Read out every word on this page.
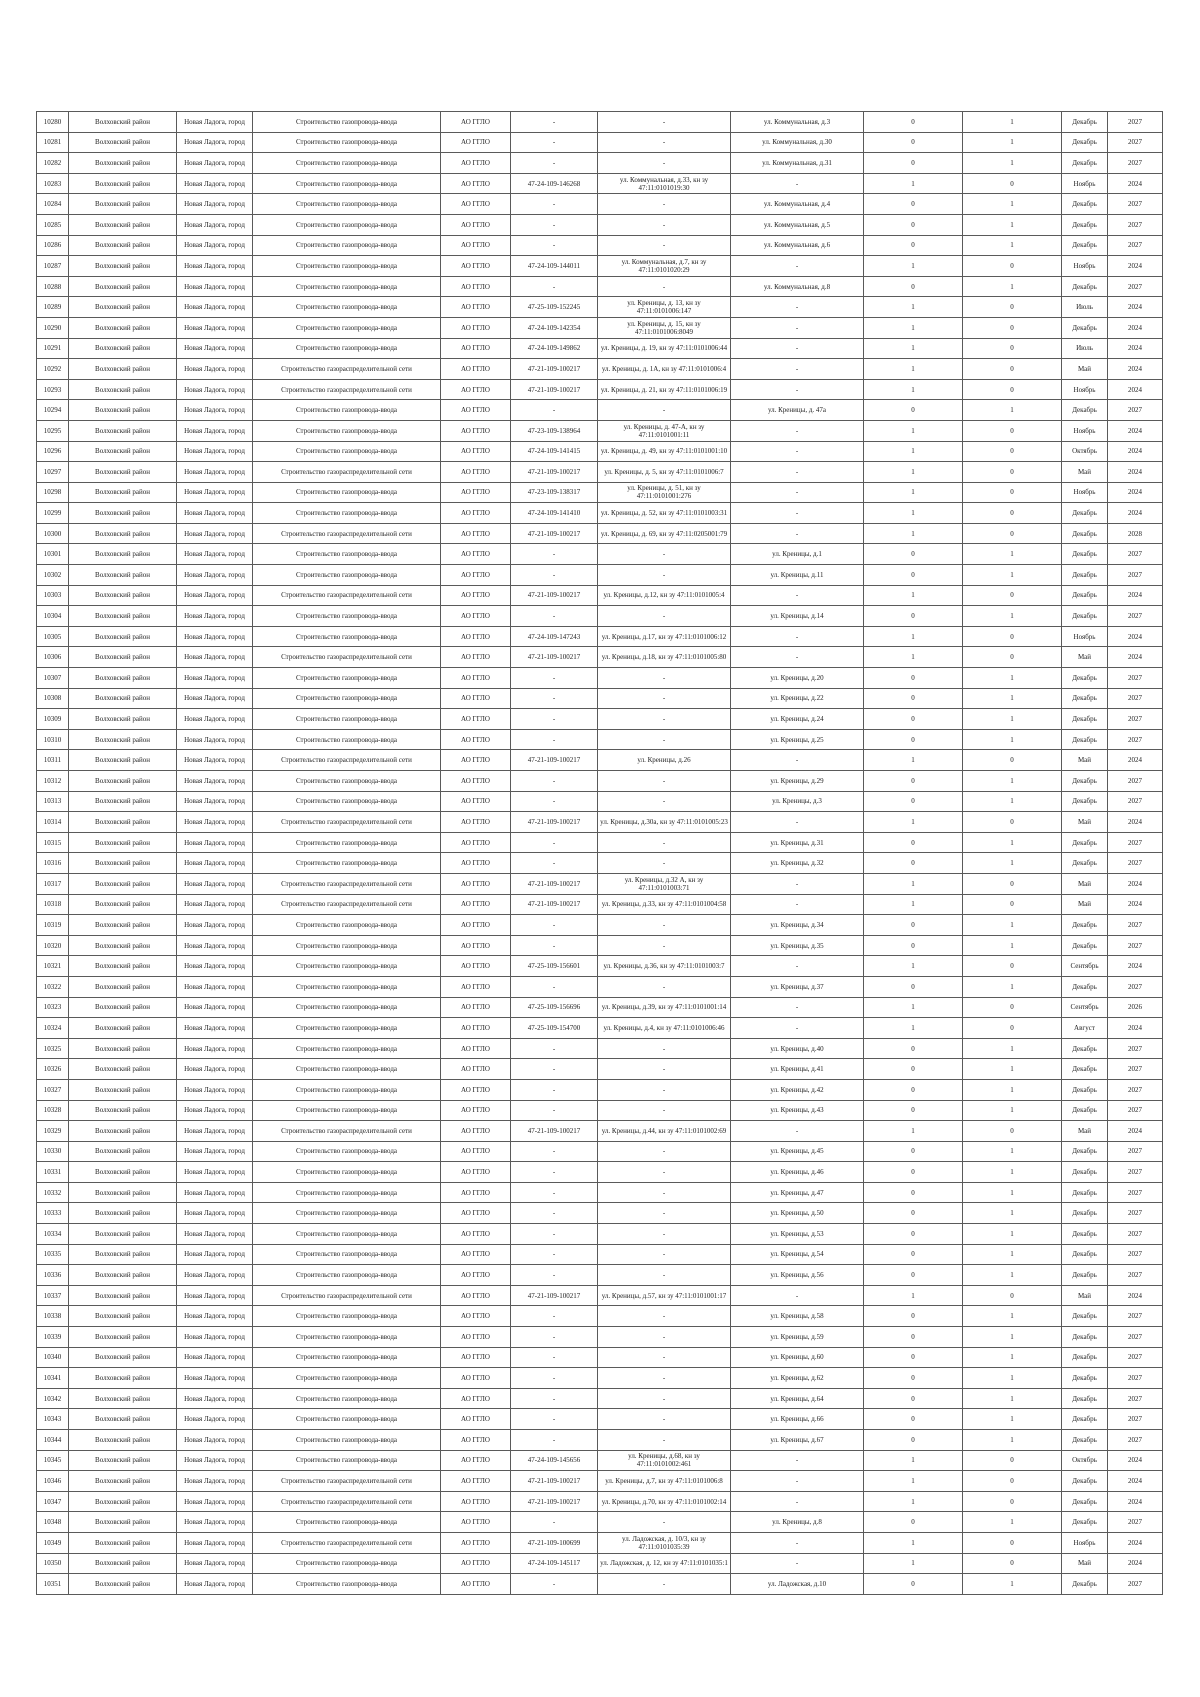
10280	Волховский район	Новая Ладога, город	Строительство газопровода-ввода	АО ГГЛО	-	-	ул. Коммунальная, д.3	0	1	Декабрь	2027
10281	Волховский район	Новая Ладога, город	Строительство газопровода-ввода	АО ГГЛО	-	-	ул. Коммунальная, д.30	0	1	Декабрь	2027
10282	Волховский район	Новая Ладога, город	Строительство газопровода-ввода	АО ГГЛО	-	-	ул. Коммунальная, д.31	0	1	Декабрь	2027
10283	Волховский район	Новая Ладога, город	Строительство газопровода-ввода	АО ГГЛО	47-24-109-146268	ул. Коммунальная, д.33, кн зу 47:11:0101019:30	-	1	0	Ноябрь	2024
10284	Волховский район	Новая Ладога, город	Строительство газопровода-ввода	АО ГГЛО	-	-	ул. Коммунальная, д.4	0	1	Декабрь	2027
10285	Волховский район	Новая Ладога, город	Строительство газопровода-ввода	АО ГГЛО	-	-	ул. Коммунальная, д.5	0	1	Декабрь	2027
10286	Волховский район	Новая Ладога, город	Строительство газопровода-ввода	АО ГГЛО	-	-	ул. Коммунальная, д.6	0	1	Декабрь	2027
10287	Волховский район	Новая Ладога, город	Строительство газопровода-ввода	АО ГГЛО	47-24-109-144011	ул. Коммунальная, д.7, кн зу 47:11:0101020:29	-	1	0	Ноябрь	2024
10288	Волховский район	Новая Ладога, город	Строительство газопровода-ввода	АО ГГЛО	-	-	ул. Коммунальная, д.8	0	1	Декабрь	2027
10289	Волховский район	Новая Ладога, город	Строительство газопровода-ввода	АО ГГЛО	47-25-109-152245	ул. Креницы, д. 13, кн зу 47:11:0101006:147	-	1	0	Июль	2024
10290	Волховский район	Новая Ладога, город	Строительство газопровода-ввода	АО ГГЛО	47-24-109-142354	ул. Креницы, д. 15, кн зу 47:11:0101006:8049	-	1	0	Декабрь	2024
10291	Волховский район	Новая Ладога, город	Строительство газопровода-ввода	АО ГГЛО	47-24-109-149862	ул. Креницы, д. 19, кн зу 47:11:0101006:44	-	1	0	Июль	2024
10292	Волховский район	Новая Ладога, город	Строительство газораспределительной сети	АО ГГЛО	47-21-109-100217	ул. Креницы, д. 1А, кн зу 47:11:0101006:4	-	1	0	Май	2024
10293	Волховский район	Новая Ладога, город	Строительство газораспределительной сети	АО ГГЛО	47-21-109-100217	ул. Креницы, д. 21, кн зу 47:11:0101006:19	-	1	0	Ноябрь	2024
10294	Волховский район	Новая Ладога, город	Строительство газопровода-ввода	АО ГГЛО	-	-	ул. Креницы, д. 47а	0	1	Декабрь	2027
10295	Волховский район	Новая Ладога, город	Строительство газопровода-ввода	АО ГГЛО	47-23-109-138964	ул. Креницы, д. 47-А, кн зу 47:11:0101001:11	-	1	0	Ноябрь	2024
10296	Волховский район	Новая Ладога, город	Строительство газопровода-ввода	АО ГГЛО	47-24-109-141415	ул. Креницы, д. 49, кн зу 47:11:0101001:10	-	1	0	Октябрь	2024
10297	Волховский район	Новая Ладога, город	Строительство газораспределительной сети	АО ГГЛО	47-21-109-100217	ул. Креницы, д. 5, кн зу 47:11:0101006:7	-	1	0	Май	2024
10298	Волховский район	Новая Ладога, город	Строительство газопровода-ввода	АО ГГЛО	47-23-109-138317	ул. Креницы, д. 51, кн зу 47:11:0101001:276	-	1	0	Ноябрь	2024
10299	Волховский район	Новая Ладога, город	Строительство газопровода-ввода	АО ГГЛО	47-24-109-141410	ул. Креницы, д. 52, кн зу 47:11:0101003:31	-	1	0	Декабрь	2024
10300	Волховский район	Новая Ладога, город	Строительство газораспределительной сети	АО ГГЛО	47-21-109-100217	ул. Креницы, д. 69, кн зу 47:11:0205001:79	-	1	0	Декабрь	2028
10301	Волховский район	Новая Ладога, город	Строительство газопровода-ввода	АО ГГЛО	-	-	ул. Креницы, д.1	0	1	Декабрь	2027
10302	Волховский район	Новая Ладога, город	Строительство газопровода-ввода	АО ГГЛО	-	-	ул. Креницы, д.11	0	1	Декабрь	2027
10303	Волховский район	Новая Ладога, город	Строительство газораспределительной сети	АО ГГЛО	47-21-109-100217	ул. Креницы, д.12, кн зу 47:11:0101005:4	-	1	0	Декабрь	2024
10304	Волховский район	Новая Ладога, город	Строительство газопровода-ввода	АО ГГЛО	-	-	ул. Креницы, д.14	0	1	Декабрь	2027
10305	Волховский район	Новая Ладога, город	Строительство газопровода-ввода	АО ГГЛО	47-24-109-147243	ул. Креницы, д.17, кн зу 47:11:0101006:12	-	1	0	Ноябрь	2024
10306	Волховский район	Новая Ладога, город	Строительство газораспределительной сети	АО ГГЛО	47-21-109-100217	ул. Креницы, д.18, кн зу 47:11:0101005:80	-	1	0	Май	2024
10307	Волховский район	Новая Ладога, город	Строительство газопровода-ввода	АО ГГЛО	-	-	ул. Креницы, д.20	0	1	Декабрь	2027
10308	Волховский район	Новая Ладога, город	Строительство газопровода-ввода	АО ГГЛО	-	-	ул. Креницы, д.22	0	1	Декабрь	2027
10309	Волховский район	Новая Ладога, город	Строительство газопровода-ввода	АО ГГЛО	-	-	ул. Креницы, д.24	0	1	Декабрь	2027
10310	Волховский район	Новая Ладога, город	Строительство газопровода-ввода	АО ГГЛО	-	-	ул. Креницы, д.25	0	1	Декабрь	2027
10311	Волховский район	Новая Ладога, город	Строительство газораспределительной сети	АО ГГЛО	47-21-109-100217	ул. Креницы, д.26	-	1	0	Май	2024
10312	Волховский район	Новая Ладога, город	Строительство газопровода-ввода	АО ГГЛО	-	-	ул. Креницы, д.29	0	1	Декабрь	2027
10313	Волховский район	Новая Ладога, город	Строительство газопровода-ввода	АО ГГЛО	-	-	ул. Креницы, д.3	0	1	Декабрь	2027
10314	Волховский район	Новая Ладога, город	Строительство газораспределительной сети	АО ГГЛО	47-21-109-100217	ул. Креницы, д.30а, кн зу 47:11:0101005:23	-	1	0	Май	2024
10315	Волховский район	Новая Ладога, город	Строительство газопровода-ввода	АО ГГЛО	-	-	ул. Креницы, д.31	0	1	Декабрь	2027
10316	Волховский район	Новая Ладога, город	Строительство газопровода-ввода	АО ГГЛО	-	-	ул. Креницы, д.32	0	1	Декабрь	2027
10317	Волховский район	Новая Ладога, город	Строительство газораспределительной сети	АО ГГЛО	47-21-109-100217	ул. Креницы, д.32 А, кн зу 47:11:0101003:71	-	1	0	Май	2024
10318	Волховский район	Новая Ладога, город	Строительство газораспределительной сети	АО ГГЛО	47-21-109-100217	ул. Креницы, д.33, кн зу 47:11:0101004:58	-	1	0	Май	2024
10319	Волховский район	Новая Ладога, город	Строительство газопровода-ввода	АО ГГЛО	-	-	ул. Креницы, д.34	0	1	Декабрь	2027
10320	Волховский район	Новая Ладога, город	Строительство газопровода-ввода	АО ГГЛО	-	-	ул. Креницы, д.35	0	1	Декабрь	2027
10321	Волховский район	Новая Ладога, город	Строительство газопровода-ввода	АО ГГЛО	47-25-109-156601	ул. Креницы, д.36, кн зу 47:11:0101003:7	-	1	0	Сентябрь	2024
10322	Волховский район	Новая Ладога, город	Строительство газопровода-ввода	АО ГГЛО	-	-	ул. Креницы, д.37	0	1	Декабрь	2027
10323	Волховский район	Новая Ладога, город	Строительство газопровода-ввода	АО ГГЛО	47-25-109-156696	ул. Креницы, д.39, кн зу 47:11:0101001:14	-	1	0	Сентябрь	2026
10324	Волховский район	Новая Ладога, город	Строительство газопровода-ввода	АО ГГЛО	47-25-109-154700	ул. Креницы, д.4, кн зу 47:11:0101006:46	-	1	0	Август	2024
10325	Волховский район	Новая Ладога, город	Строительство газопровода-ввода	АО ГГЛО	-	-	ул. Креницы, д.40	0	1	Декабрь	2027
10326	Волховский район	Новая Ладога, город	Строительство газопровода-ввода	АО ГГЛО	-	-	ул. Креницы, д.41	0	1	Декабрь	2027
10327	Волховский район	Новая Ладога, город	Строительство газопровода-ввода	АО ГГЛО	-	-	ул. Креницы, д.42	0	1	Декабрь	2027
10328	Волховский район	Новая Ладога, город	Строительство газопровода-ввода	АО ГГЛО	-	-	ул. Креницы, д.43	0	1	Декабрь	2027
10329	Волховский район	Новая Ладога, город	Строительство газораспределительной сети	АО ГГЛО	47-21-109-100217	ул. Креницы, д.44, кн зу 47:11:0101002:69	-	1	0	Май	2024
10330	Волховский район	Новая Ладога, город	Строительство газопровода-ввода	АО ГГЛО	-	-	ул. Креницы, д.45	0	1	Декабрь	2027
10331	Волховский район	Новая Ладога, город	Строительство газопровода-ввода	АО ГГЛО	-	-	ул. Креницы, д.46	0	1	Декабрь	2027
10332	Волховский район	Новая Ладога, город	Строительство газопровода-ввода	АО ГГЛО	-	-	ул. Креницы, д.47	0	1	Декабрь	2027
10333	Волховский район	Новая Ладога, город	Строительство газопровода-ввода	АО ГГЛО	-	-	ул. Креницы, д.50	0	1	Декабрь	2027
10334	Волховский район	Новая Ладога, город	Строительство газопровода-ввода	АО ГГЛО	-	-	ул. Креницы, д.53	0	1	Декабрь	2027
10335	Волховский район	Новая Ладога, город	Строительство газопровода-ввода	АО ГГЛО	-	-	ул. Креницы, д.54	0	1	Декабрь	2027
10336	Волховский район	Новая Ладога, город	Строительство газопровода-ввода	АО ГГЛО	-	-	ул. Креницы, д.56	0	1	Декабрь	2027
10337	Волховский район	Новая Ладога, город	Строительство газораспределительной сети	АО ГГЛО	47-21-109-100217	ул. Креницы, д.57, кн зу 47:11:0101001:17	-	1	0	Май	2024
10338	Волховский район	Новая Ладога, город	Строительство газопровода-ввода	АО ГГЛО	-	-	ул. Креницы, д.58	0	1	Декабрь	2027
10339	Волховский район	Новая Ладога, город	Строительство газопровода-ввода	АО ГГЛО	-	-	ул. Креницы, д.59	0	1	Декабрь	2027
10340	Волховский район	Новая Ладога, город	Строительство газопровода-ввода	АО ГГЛО	-	-	ул. Креницы, д.60	0	1	Декабрь	2027
10341	Волховский район	Новая Ладога, город	Строительство газопровода-ввода	АО ГГЛО	-	-	ул. Креницы, д.62	0	1	Декабрь	2027
10342	Волховский район	Новая Ладога, город	Строительство газопровода-ввода	АО ГГЛО	-	-	ул. Креницы, д.64	0	1	Декабрь	2027
10343	Волховский район	Новая Ладога, город	Строительство газопровода-ввода	АО ГГЛО	-	-	ул. Креницы, д.66	0	1	Декабрь	2027
10344	Волховский район	Новая Ладога, город	Строительство газопровода-ввода	АО ГГЛО	-	-	ул. Креницы, д.67	0	1	Декабрь	2027
10345	Волховский район	Новая Ладога, город	Строительство газопровода-ввода	АО ГГЛО	47-24-109-145656	ул. Креницы, д.68, кн зу 47:11:0101002:461	-	1	0	Октябрь	2024
10346	Волховский район	Новая Ладога, город	Строительство газораспределительной сети	АО ГГЛО	47-21-109-100217	ул. Креницы, д.7, кн зу 47:11:0101006:8	-	1	0	Декабрь	2024
10347	Волховский район	Новая Ладога, город	Строительство газораспределительной сети	АО ГГЛО	47-21-109-100217	ул. Креницы, д.70, кн зу 47:11:0101002:14	-	1	0	Декабрь	2024
10348	Волховский район	Новая Ладога, город	Строительство газопровода-ввода	АО ГГЛО	-	-	ул. Креницы, д.8	0	1	Декабрь	2027
10349	Волховский район	Новая Ладога, город	Строительство газораспределительной сети	АО ГГЛО	47-21-109-100699	ул. Ладожская, д. 10/3, кн зу 47:11:0101035:39	-	1	0	Ноябрь	2024
10350	Волховский район	Новая Ладога, город	Строительство газопровода-ввода	АО ГГЛО	47-24-109-145117	ул. Ладожская, д. 12, кн зу 47:11:0101035:1	-	1	0	Май	2024
10351	Волховский район	Новая Ладога, город	Строительство газопровода-ввода	АО ГГЛО	-	-	ул. Ладожская, д.10	0	1	Декабрь	2027
